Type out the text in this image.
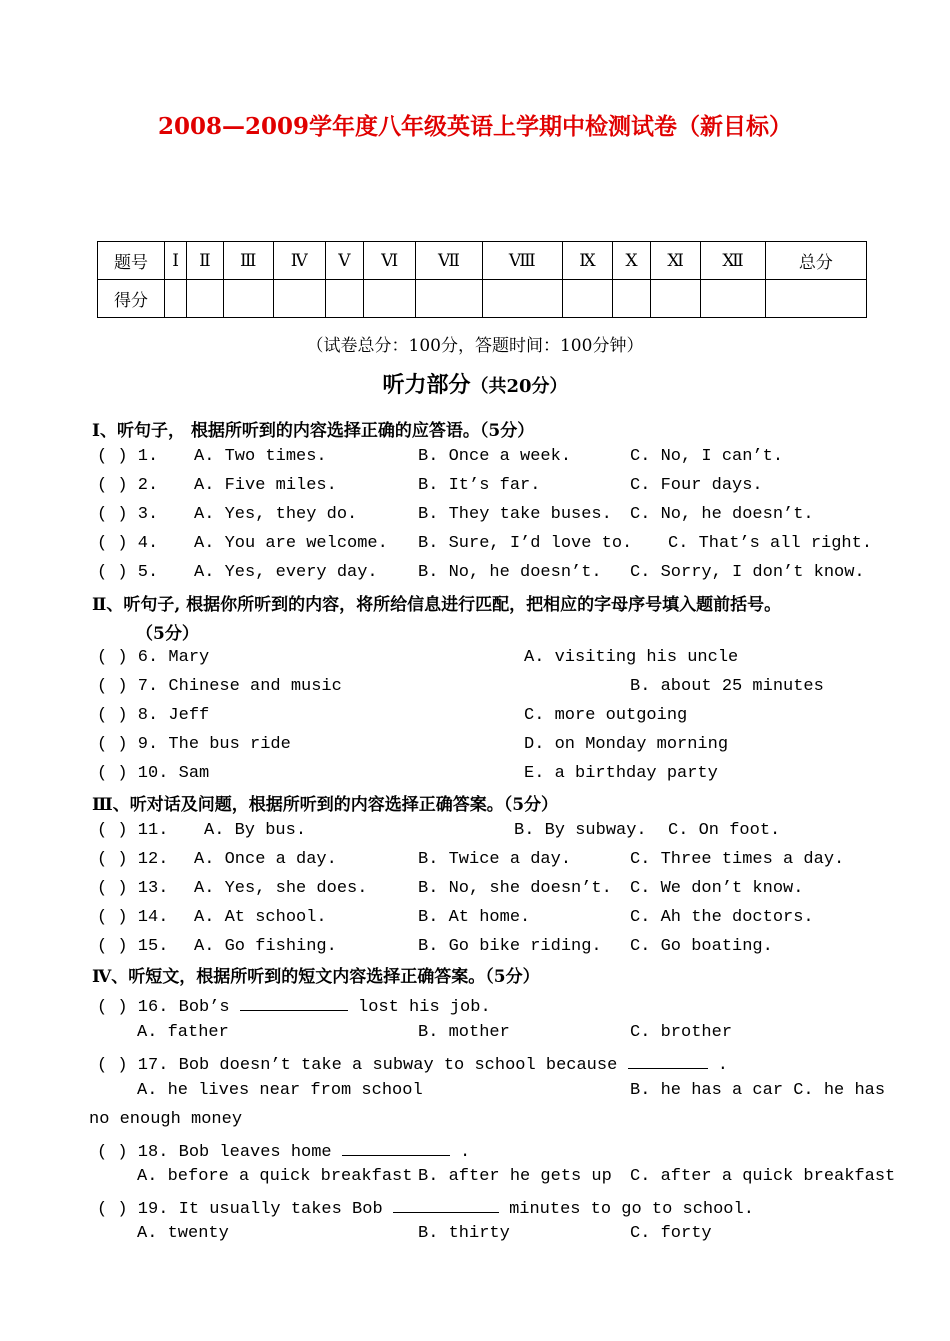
2008—2009学年度八年级英语上学期中检测试卷（新目标）
题号	Ⅰ	Ⅱ	Ⅲ	Ⅳ	Ⅴ	Ⅵ	Ⅶ	Ⅷ	Ⅸ	Ⅹ	Ⅺ	Ⅻ	总分
得分													
（试卷总分：100分，答题时间：100分钟）
听力部分（共20分）
Ⅰ、听句子， 根据所听到的内容选择正确的应答语。（5分）
( ) 1. A. Two times.	B. Once a week.	C. No, I can’t.
( ) 2. A. Five miles.	B. It’s far.	C. Four days.
( ) 3. A. Yes, they do.	B. They take buses. C. No, he doesn’t.
( ) 4. A. You are welcome. B. Sure, I’d love to. C. That’s all right.
( ) 5. A. Yes, every day. B. No, he doesn’t. C. Sorry, I don’t know.
Ⅱ、听句子, 根据你所听到的内容，将所给信息进行匹配，把相应的字母序号填入题前括号。
（5分）
( ) 6. Mary	A. visiting his uncle
( ) 7. Chinese and music	B. about 25 minutes
( ) 8. Jeff	C. more outgoing
( ) 9. The bus ride	D. on Monday morning
( ) 10. Sam	E. a birthday party
Ⅲ、听对话及问题，根据所听到的内容选择正确答案。（5分）
( ) 11. A. By bus.	B. By subway. C. On foot.
( ) 12. A. Once a day.	B. Twice a day.	C. Three times a day.
( ) 13. A. Yes, she does.	B. No, she doesn’t. C. We don’t know.
( ) 14. A. At school.	B. At home.	C. Ah the doctors.
( ) 15. A. Go fishing.	B. Go bike riding. C. Go boating.
Ⅳ、听短文，根据所听到的短文内容选择正确答案。（5分）
( ) 16. Bob’s	lost his job.
A. father	B. mother	C. brother
( ) 17. Bob doesn’t take a subway to school because	.
A. he lives near from school	B. he has a car C. he has
no enough money
( ) 18. Bob leaves home	.
A. before a quick breakfast B. after he gets up C. after a quick breakfast
( ) 19. It usually takes Bob	minutes to go to school.
A. twenty	B. thirty	C. forty
